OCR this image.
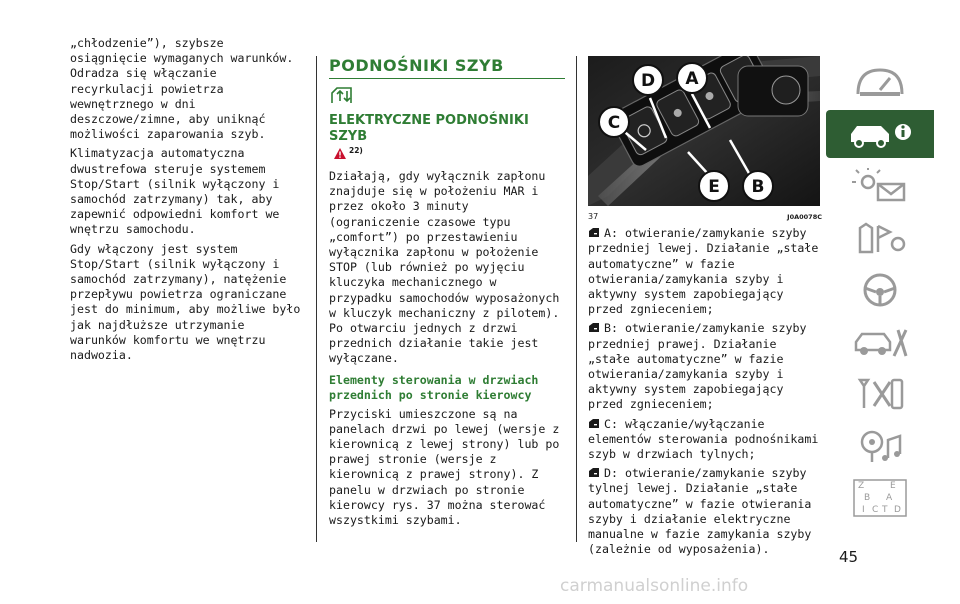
„chłodzenie”), szybsze osiągnięcie wymaganych warunków. Odradza się włączanie recyrkulacji powietrza wewnętrznego w dni deszczowe/zimne, aby uniknąć możliwości zaparowania szyb.

Klimatyzacja automatyczna dwustrefowa steruje systemem Stop/Start (silnik wyłączony i samochód zatrzymany) tak, aby zapewnić odpowiedni komfort we wnętrzu samochodu.

Gdy włączony jest system Stop/Start (silnik wyłączony i samochód zatrzymany), natężenie przepływu powietrza ograniczane jest do minimum, aby możliwe było jak najdłuższe utrzymanie warunków komfortu we wnętrzu nadwozia.

PODNOŚNIKI SZYB
ELEKTRYCZNE PODNOŚNIKI SZYB
$^{22)}$

Działają, gdy wyłącznik zapłonu znajduje się w położeniu MAR i przez około 3 minuty (ograniczenie czasowe typu „comfort”) po przestawieniu wyłącznika zapłonu w położenie STOP (lub również po wyjęciu kluczyka mechanicznego w przypadku samochodów wyposażonych w kluczyk mechaniczny z pilotem). Po otwarciu jednych z drzwi przednich działanie takie jest wyłączane.

Elementy sterowania w drzwiach przednich po stronie kierowcy

Przyciski umieszczone są na panelach drzwi po lewej (wersje z kierownicą z lewej strony) lub po prawej stronie (wersje z kierownicą z prawej strony). Z panelu w drzwiach po stronie kierowcy rys. 37 można sterować wszystkimi szybami.

D A
C
E B
37	J0A0078C

A: otwieranie/zamykanie szyby przedniej lewej. Działanie „stałe automatyczne” w fazie otwierania/zamykania szyby i aktywny system zapobiegający przed zgnieceniem;

B: otwieranie/zamykanie szyby przedniej prawej. Działanie „stałe automatyczne” w fazie otwierania/zamykania szyby i aktywny system zapobiegający przed zgnieceniem;

C: włączanie/wyłączanie elementów sterowania podnośnikami szyb w drzwiach tylnych;

D: otwieranie/zamykanie szyby tylnej lewej. Działanie „stałe automatyczne” w fazie otwierania szyby i działanie elektryczne manualne w fazie zamykania szyby (zależnie od wyposażenia).

Z	E
B A
I C T D
45
carmanualsonline.info
